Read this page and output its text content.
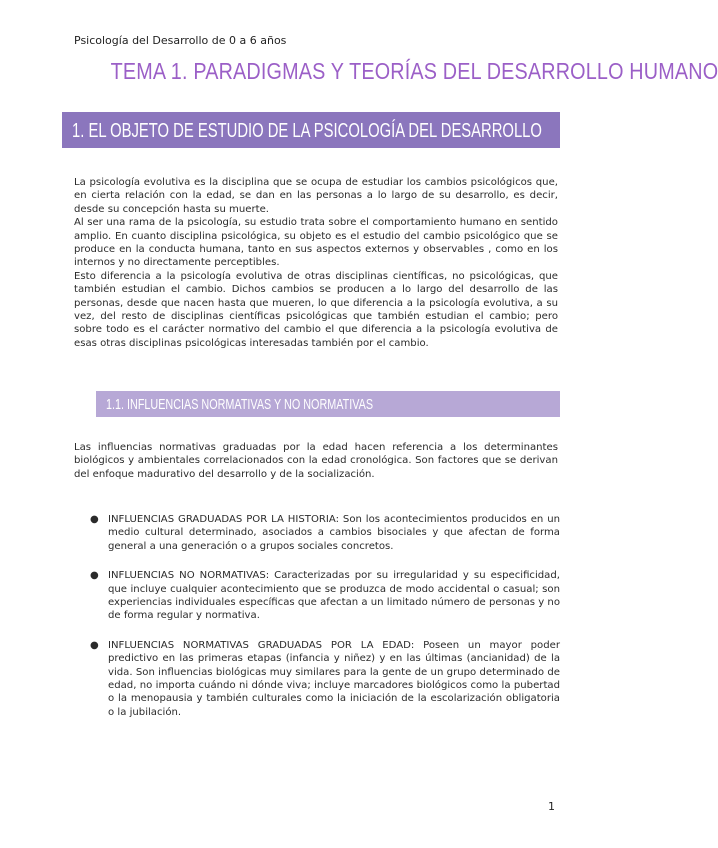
Psicología del Desarrollo de 0 a 6 años
TEMA 1. PARADIGMAS Y TEORÍAS DEL DESARROLLO HUMANO
1. EL OBJETO DE ESTUDIO DE LA PSICOLOGÍA DEL DESARROLLO
La psicología evolutiva es la disciplina que se ocupa de estudiar los cambios psicológicos que, en cierta relación con la edad, se dan en las personas a lo largo de su desarrollo, es decir, desde su concepción hasta su muerte.
Al ser una rama de la psicología, su estudio trata sobre el comportamiento humano en sentido amplio. En cuanto disciplina psicológica, su objeto es el estudio del cambio psicológico que se produce en la conducta humana, tanto en sus aspectos externos y observables , como en los internos y no directamente perceptibles.
Esto diferencia a la psicología evolutiva de otras disciplinas científicas, no psicológicas, que también estudian el cambio. Dichos cambios se producen a lo largo del desarrollo de las personas, desde que nacen hasta que mueren, lo que diferencia a la psicología evolutiva, a su vez, del resto de disciplinas científicas psicológicas que también estudian el cambio; pero sobre todo es el carácter normativo del cambio el que diferencia a la psicología evolutiva de esas otras disciplinas psicológicas interesadas también por el cambio.
1.1. INFLUENCIAS NORMATIVAS Y NO NORMATIVAS

Las influencias normativas graduadas por la edad hacen referencia a los determinantes biológicos y ambientales correlacionados con la edad cronológica. Son factores que se derivan del enfoque madurativo del desarrollo y de la socialización.

● INFLUENCIAS GRADUADAS POR LA HISTORIA: Son los acontecimientos producidos en un medio cultural determinado, asociados a cambios bisociales y que afectan de forma general a una generación o a grupos sociales concretos.
● INFLUENCIAS NO NORMATIVAS: Caracterizadas por su irregularidad y su especificidad, que incluye cualquier acontecimiento que se produzca de modo accidental o casual; son experiencias individuales específicas que afectan a un limitado número de personas y no de forma regular y normativa.
● INFLUENCIAS NORMATIVAS GRADUADAS POR LA EDAD: Poseen un mayor poder predictivo en las primeras etapas (infancia y niñez) y en las últimas (ancianidad) de la vida. Son influencias biológicas muy similares para la gente de un grupo determinado de edad, no importa cuándo ni dónde viva; incluye marcadores biológicos como la pubertad o la menopausia y también culturales como la iniciación de la escolarización obligatoria o la jubilación.
1
